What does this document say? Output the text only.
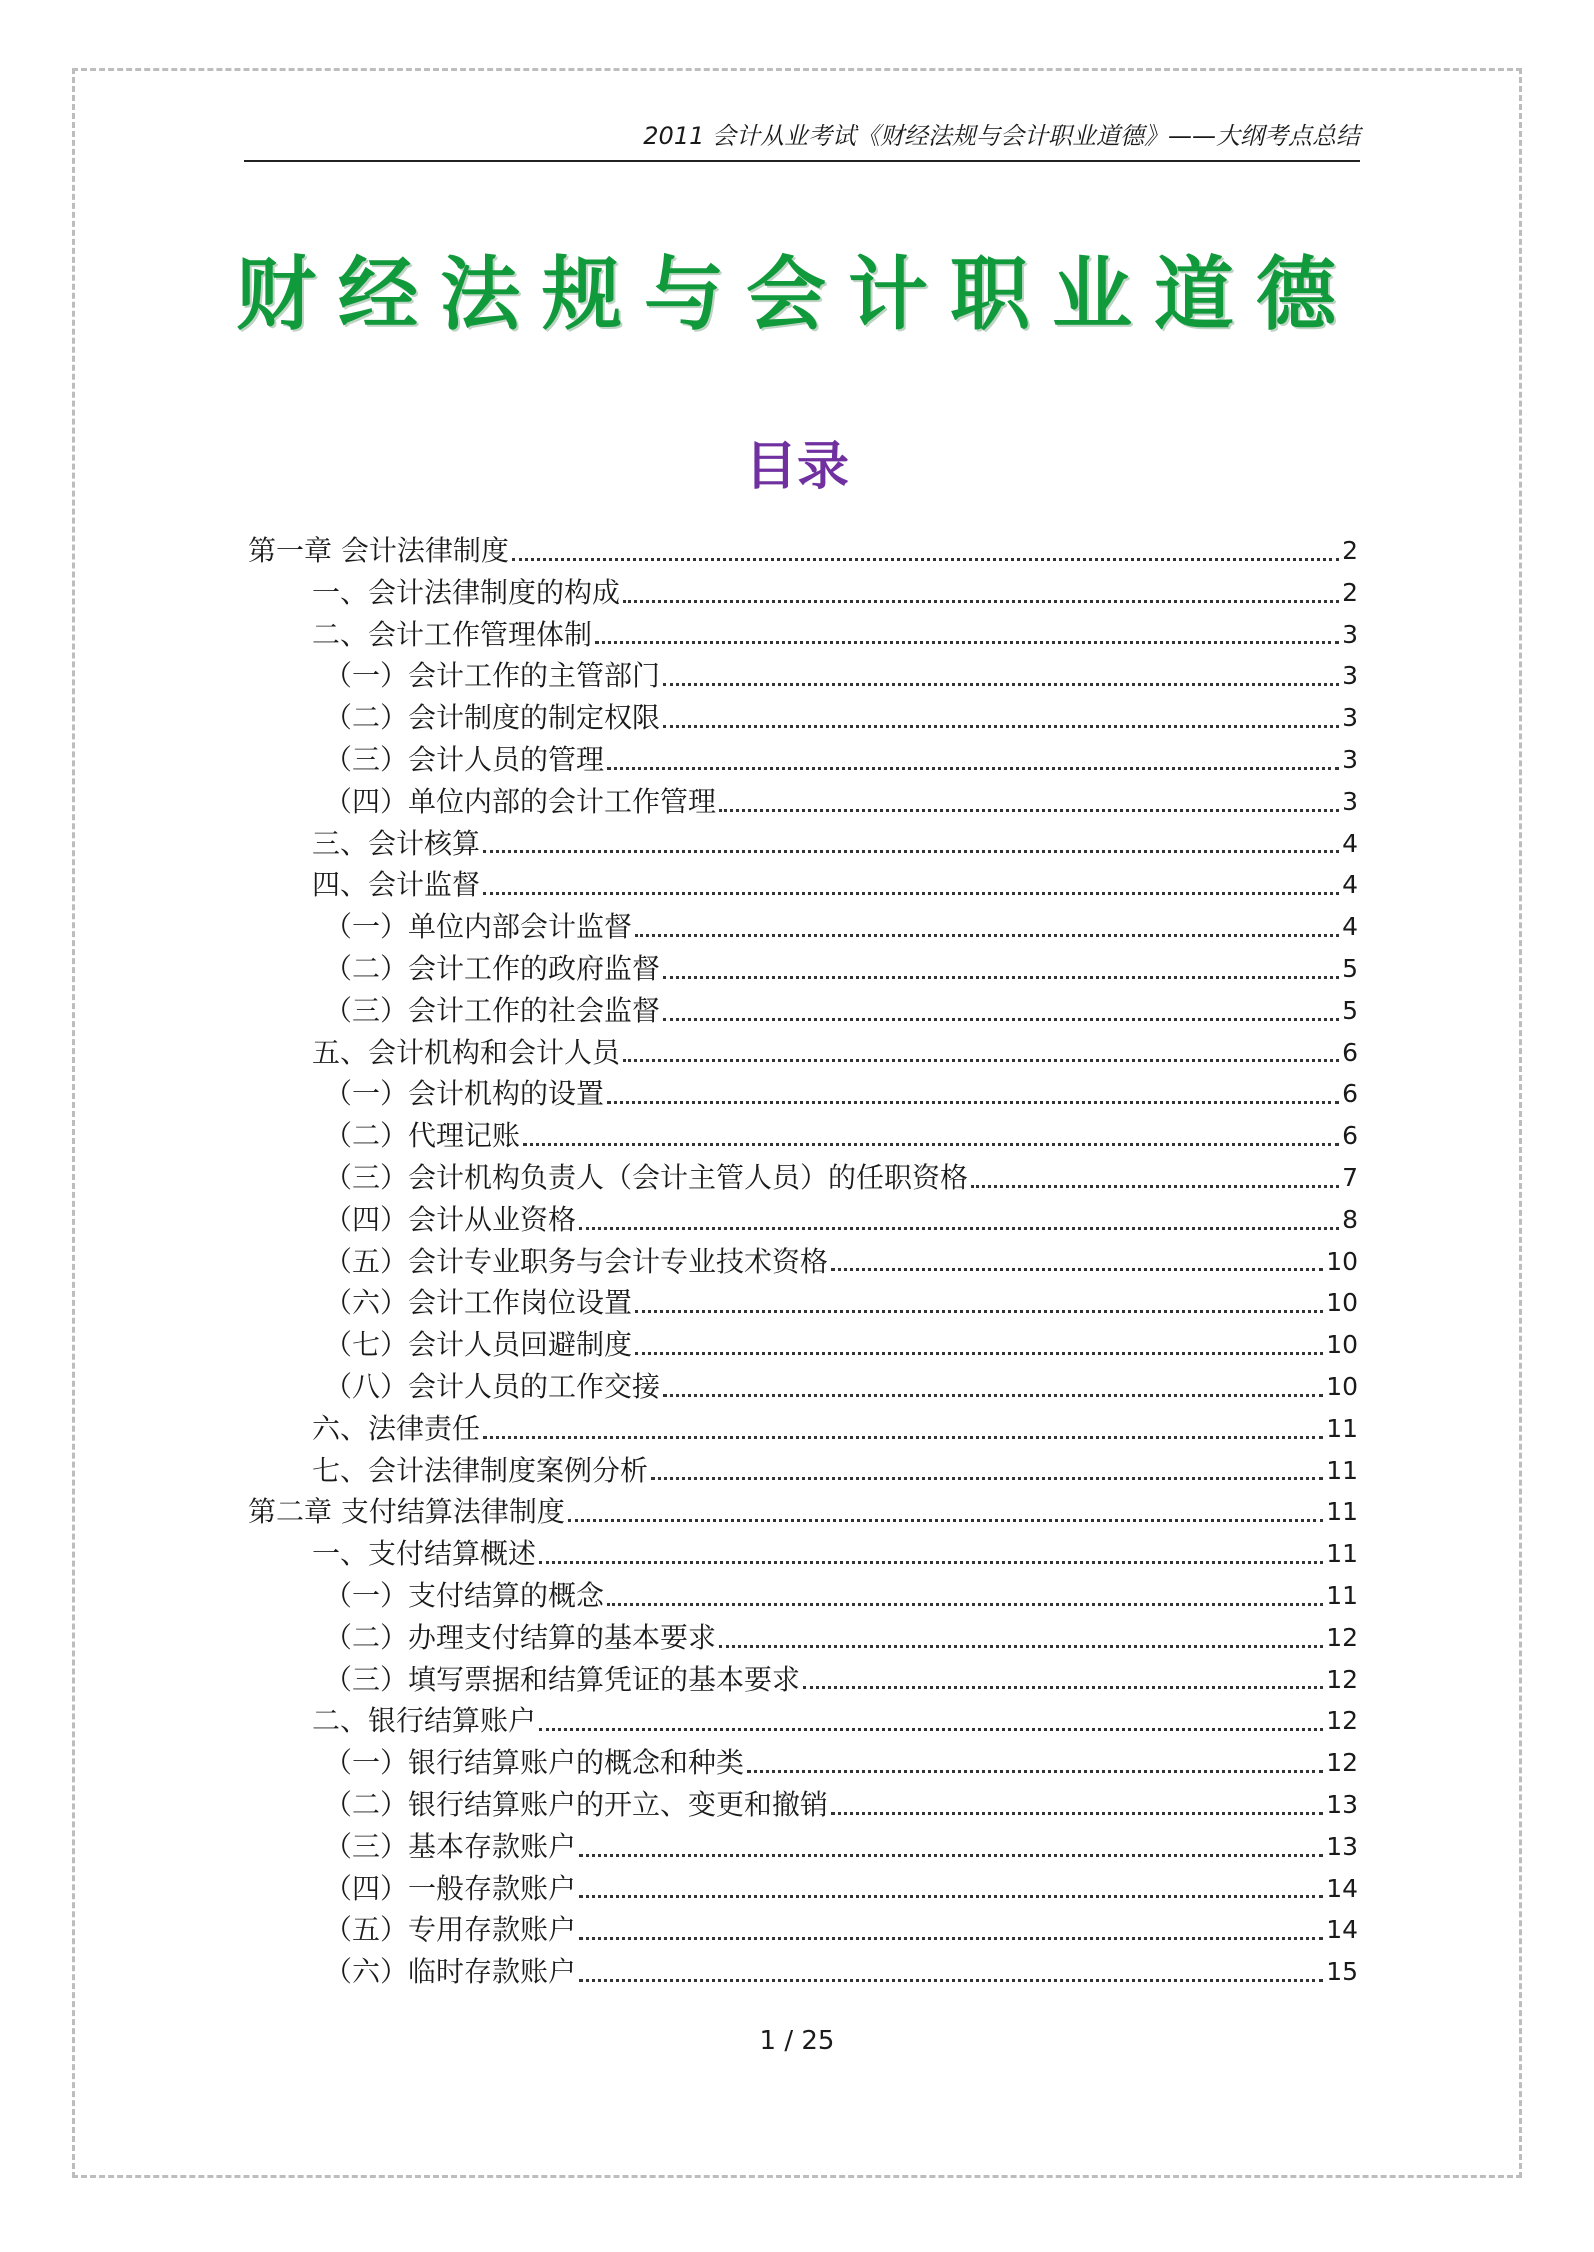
2011 会计从业考试《财经法规与会计职业道德》——大纲考点总结
财经法规与会计职业道德
目录
第一章 会计法律制度	2
一、会计法律制度的构成	2
二、会计工作管理体制	3
（一）会计工作的主管部门	3
（二）会计制度的制定权限	3
（三）会计人员的管理	3
（四）单位内部的会计工作管理	3
三、会计核算	4
四、会计监督	4
（一）单位内部会计监督	4
（二）会计工作的政府监督	5
（三）会计工作的社会监督	5
五、会计机构和会计人员	6
（一）会计机构的设置	6
（二）代理记账	6
（三）会计机构负责人（会计主管人员）的任职资格	7
（四）会计从业资格	8
（五）会计专业职务与会计专业技术资格	10
（六）会计工作岗位设置	10
（七）会计人员回避制度	10
（八）会计人员的工作交接	10
六、法律责任	11
七、会计法律制度案例分析	11
第二章 支付结算法律制度	11
一、支付结算概述	11
（一）支付结算的概念	11
（二）办理支付结算的基本要求	12
（三）填写票据和结算凭证的基本要求	12
二、银行结算账户	12
（一）银行结算账户的概念和种类	12
（二）银行结算账户的开立、变更和撤销	13
（三）基本存款账户	13
（四）一般存款账户	14
（五）专用存款账户	14
（六）临时存款账户	15
1 / 25
